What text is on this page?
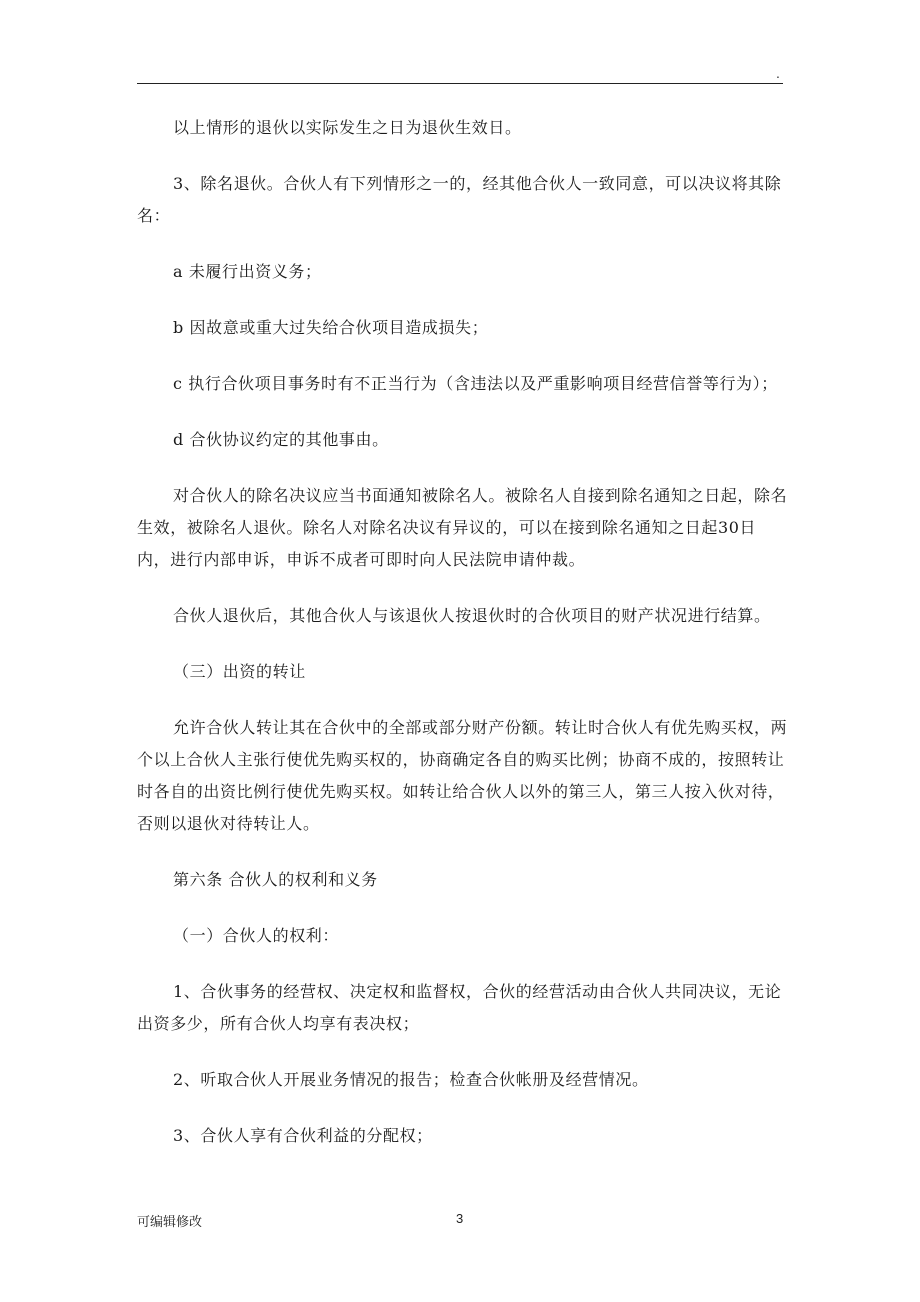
.

以上情形的退伙以实际发生之日为退伙生效日。

3、除名退伙。合伙人有下列情形之一的，经其他合伙人一致同意，可以决议将其除名：

a 未履行出资义务；

b 因故意或重大过失给合伙项目造成损失；

c 执行合伙项目事务时有不正当行为（含违法以及严重影响项目经营信誉等行为）；

d 合伙协议约定的其他事由。

对合伙人的除名决议应当书面通知被除名人。被除名人自接到除名通知之日起，除名生效，被除名人退伙。除名人对除名决议有异议的，可以在接到除名通知之日起30日内，进行内部申诉，申诉不成者可即时向人民法院申请仲裁。

合伙人退伙后，其他合伙人与该退伙人按退伙时的合伙项目的财产状况进行结算。

（三）出资的转让

允许合伙人转让其在合伙中的全部或部分财产份额。转让时合伙人有优先购买权，两个以上合伙人主张行使优先购买权的，协商确定各自的购买比例；协商不成的，按照转让时各自的出资比例行使优先购买权。如转让给合伙人以外的第三人，第三人按入伙对待，否则以退伙对待转让人。

第六条 合伙人的权利和义务

（一）合伙人的权利：

1、合伙事务的经营权、决定权和监督权，合伙的经营活动由合伙人共同决议，无论出资多少，所有合伙人均享有表决权；

2、听取合伙人开展业务情况的报告；检查合伙帐册及经营情况。

3、合伙人享有合伙利益的分配权；

可编辑修改	3
